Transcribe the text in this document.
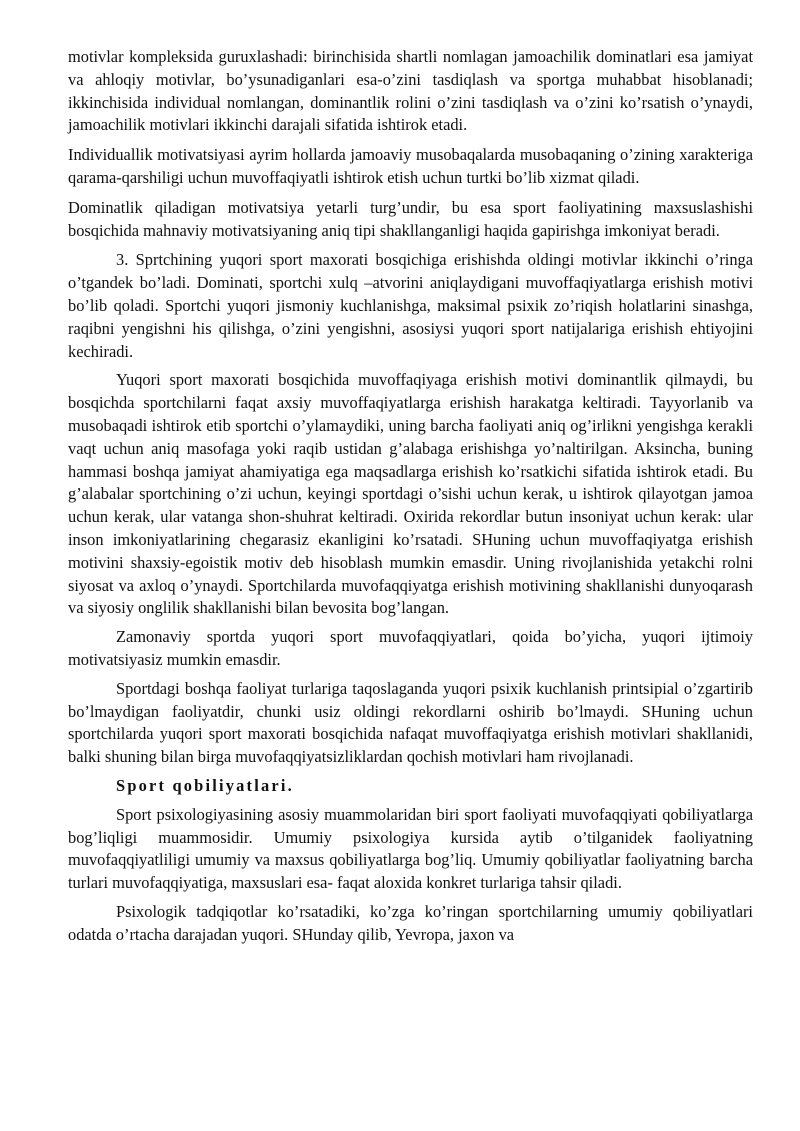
motivlar kompleksida guruxlashadi: birinchisida shartli nomlagan jamoachilik dominatlari esa jamiyat va ahloqiy motivlar, bo’ysunadiganlari esa-o’zini tasdiqlash va sportga muhabbat hisoblanadi; ikkinchisida individual nomlangan, dominantlik rolini o’zini tasdiqlash va o’zini ko’rsatish o’ynaydi, jamoachilik motivlari ikkinchi darajali sifatida ishtirok etadi.

Individuallik motivatsiyasi ayrim hollarda jamoaviy musobaqalarda musobaqaning o’zining xarakteriga qarama-qarshiligi uchun muvoffaqiyatli ishtirok etish uchun turtki bo’lib xizmat qiladi.

Dominatlik qiladigan motivatsiya yetarli turg’undir, bu esa sport faoliyatining maxsuslashishi bosqichida mahnaviy motivatsiyaning aniq tipi shakllanganligi haqida gapirishga imkoniyat beradi.

3. Sprtchining yuqori sport maxorati bosqichiga erishishda oldingi motivlar ikkinchi o’ringa o’tgandek bo’ladi. Dominati, sportchi xulq –atvorini aniqlaydigani muvoffaqiyatlarga erishish motivi bo’lib qoladi. Sportchi yuqori jismoniy kuchlanishga, maksimal psixik zo’riqish holatlarini sinashga, raqibni yengishni his qilishga, o’zini yengishni, asosiysi yuqori sport natijalariga erishish ehtiyojini kechiradi.

Yuqori sport maxorati bosqichida muvoffaqiyaga erishish motivi dominantlik qilmaydi, bu bosqichda sportchilarni faqat axsiy muvoffaqiyatlarga erishish harakatga keltiradi. Tayyorlanib va musobaqadi ishtirok etib sportchi o’ylamaydiki, uning barcha faoliyati aniq og’irlikni yengishga kerakli vaqt uchun aniq masofaga yoki raqib ustidan g’alabaga erishishga yo’naltirilgan. Aksincha, buning hammasi boshqa jamiyat ahamiyatiga ega maqsadlarga erishish ko’rsatkichi sifatida ishtirok etadi. Bu g’alabalar sportchining o’zi uchun, keyingi sportdagi o’sishi uchun kerak, u ishtirok qilayotgan jamoa uchun kerak, ular vatanga shon-shuhrat keltiradi. Oxirida rekordlar butun insoniyat uchun kerak: ular inson imkoniyatlarining chegarasiz ekanligini ko’rsatadi. SHuning uchun muvoffaqiyatga erishish motivini shaxsiy-egoistik motiv deb hisoblash mumkin emasdir. Uning rivojlanishida yetakchi rolni siyosat va axloq o’ynaydi. Sportchilarda muvofaqqiyatga erishish motivining shakllanishi dunyoqarash va siyosiy onglilik shakllanishi bilan bevosita bog’langan.

Zamonaviy sportda yuqori sport muvofaqqiyatlari, qoida bo’yicha, yuqori ijtimoiy motivatsiyasiz mumkin emasdir.

Sportdagi boshqa faoliyat turlariga taqoslaganda yuqori psixik kuchlanish printsipial o’zgartirib bo’lmaydigan faoliyatdir, chunki usiz oldingi rekordlarni oshirib bo’lmaydi. SHuning uchun sportchilarda yuqori sport maxorati bosqichida nafaqat muvoffaqiyatga erishish motivlari shakllanidi, balki shuning bilan birga muvofaqqiyatsizliklardan qochish motivlari ham rivojlanadi.

Sport qobiliyatlari.

Sport psixologiyasining asosiy muammolaridan biri sport faoliyati muvofaqqiyati qobiliyatlarga bog’liqligi muammosidir. Umumiy psixologiya kursida aytib o’tilganidek faoliyatning muvofaqqiyatliligi umumiy va maxsus qobiliyatlarga bog’liq. Umumiy qobiliyatlar faoliyatning barcha turlari muvofaqqiyatiga, maxsuslari esa- faqat aloxida konkret turlariga tahsir qiladi.

Psixologik tadqiqotlar ko’rsatadiki, ko’zga ko’ringan sportchilarning umumiy qobiliyatlari odatda o’rtacha darajadan yuqori. SHunday qilib, Yevropa, jaxon va
